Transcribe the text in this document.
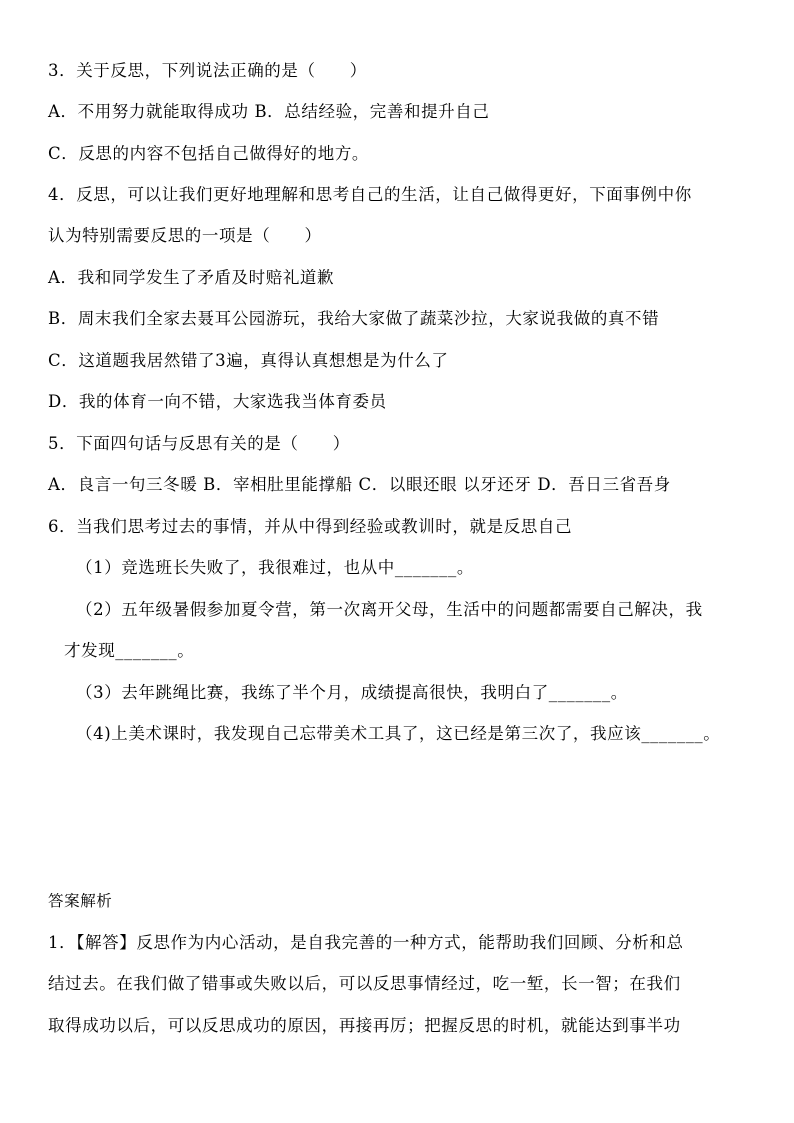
3．关于反思，下列说法正确的是（　　）
A．不用努力就能取得成功 B．总结经验，完善和提升自己
C．反思的内容不包括自己做得好的地方。
4．反思，可以让我们更好地理解和思考自己的生活，让自己做得更好，下面事例中你
认为特别需要反思的一项是（　　）
A．我和同学发生了矛盾及时赔礼道歉
B．周末我们全家去聂耳公园游玩，我给大家做了蔬菜沙拉，大家说我做的真不错
C．这道题我居然错了3遍，真得认真想想是为什么了
D．我的体育一向不错，大家选我当体育委员
5．下面四句话与反思有关的是（　　）
A．良言一句三冬暖 B．宰相肚里能撑船 C．以眼还眼 以牙还牙 D．吾日三省吾身
6．当我们思考过去的事情，并从中得到经验或教训时，就是反思自己
（1）竞选班长失败了，我很难过，也从中_______。
（2）五年级暑假参加夏令营，第一次离开父母，生活中的问题都需要自己解决，我
才发现_______。
（3）去年跳绳比赛，我练了半个月，成绩提高很快，我明白了_______。
（4)上美术课时，我发现自己忘带美术工具了，这已经是第三次了，我应该_______。
答案解析
1．【解答】反思作为内心活动，是自我完善的一种方式，能帮助我们回顾、分析和总
结过去。在我们做了错事或失败以后，可以反思事情经过，吃一堑，长一智；在我们
取得成功以后，可以反思成功的原因，再接再厉；把握反思的时机，就能达到事半功
